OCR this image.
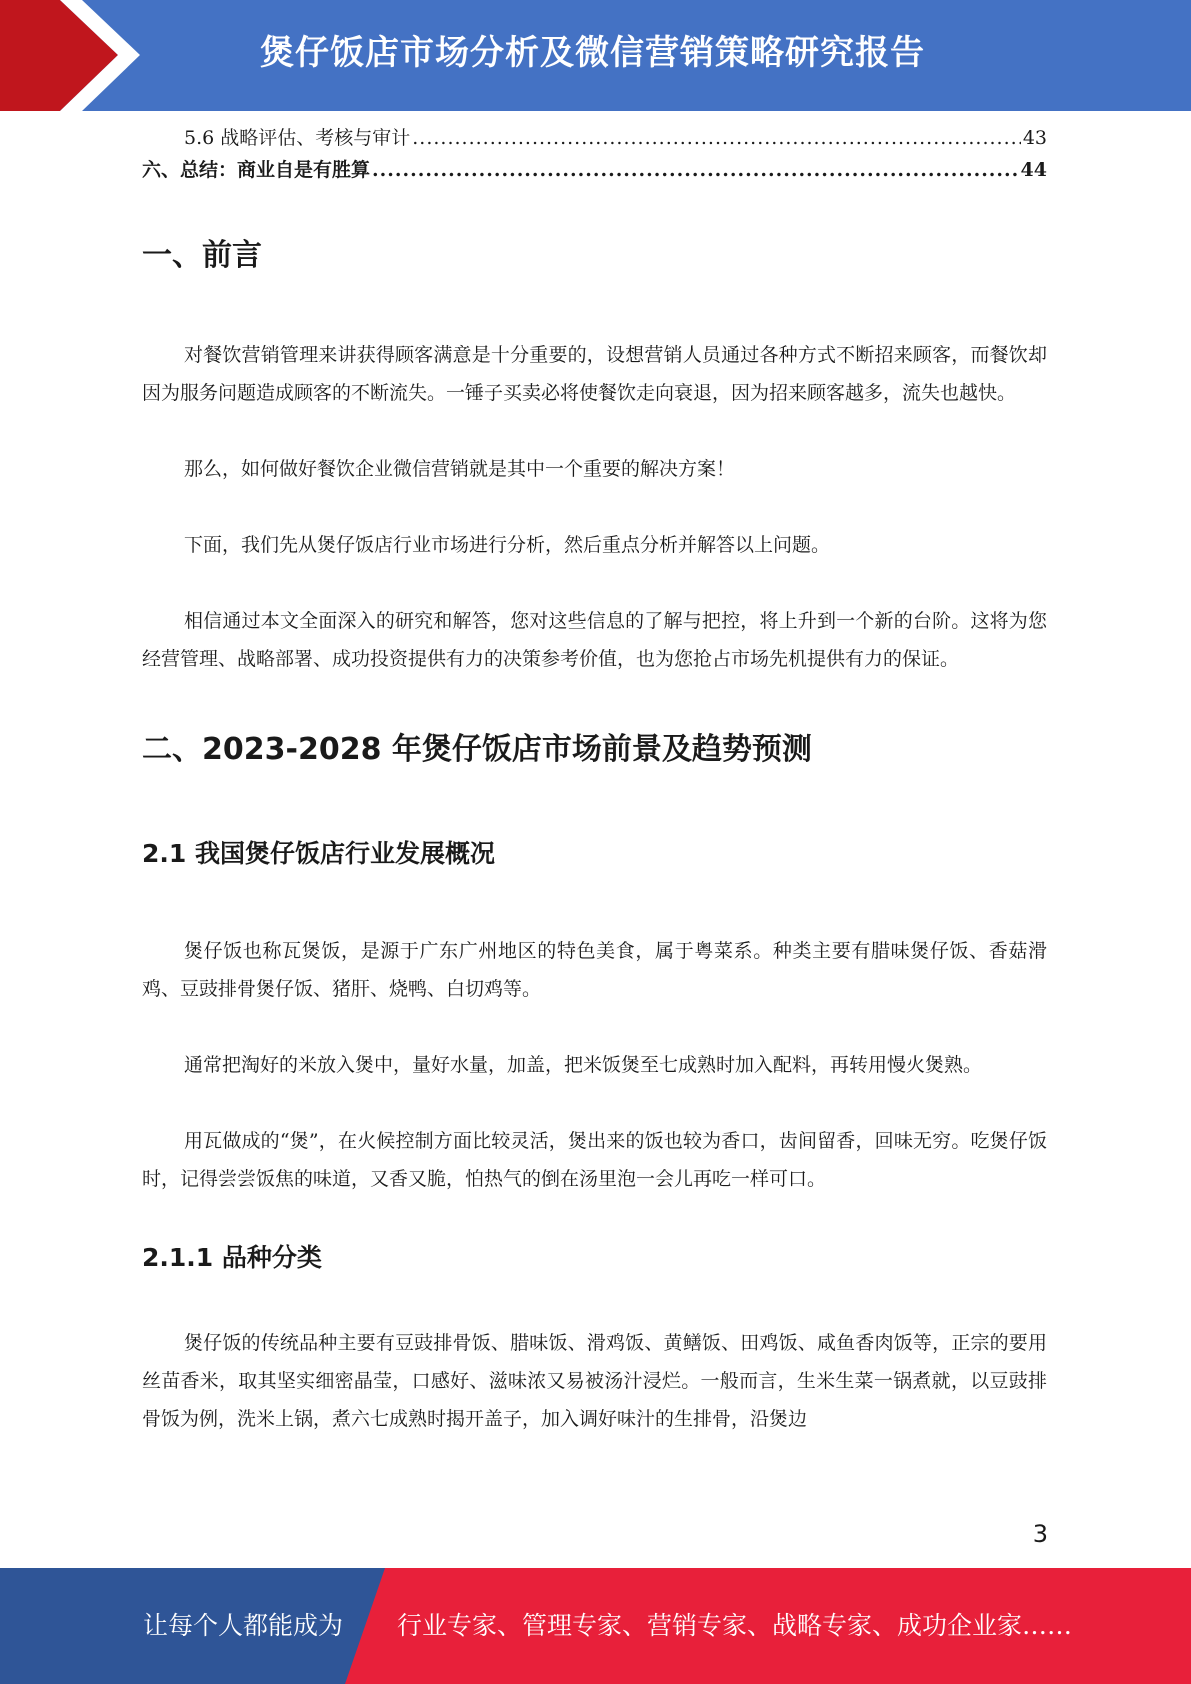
煲仔饭店市场分析及微信营销策略研究报告
5.6 战略评估、考核与审计 .....	43
六、总结：商业自是有胜算 .....	44
一、前言

对餐饮营销管理来讲获得顾客满意是十分重要的，设想营销人员通过各种方式不断招来顾客，而餐饮却因为服务问题造成顾客的不断流失。一锤子买卖必将使餐饮走向衰退，因为招来顾客越多，流失也越快。

那么，如何做好餐饮企业微信营销就是其中一个重要的解决方案！

下面，我们先从煲仔饭店行业市场进行分析，然后重点分析并解答以上问题。

相信通过本文全面深入的研究和解答，您对这些信息的了解与把控，将上升到一个新的台阶。这将为您经营管理、战略部署、成功投资提供有力的决策参考价值，也为您抢占市场先机提供有力的保证。

二、2023-2028 年煲仔饭店市场前景及趋势预测
2.1 我国煲仔饭店行业发展概况

煲仔饭也称瓦煲饭，是源于广东广州地区的特色美食，属于粤菜系。种类主要有腊味煲仔饭、香菇滑鸡、豆豉排骨煲仔饭、猪肝、烧鸭、白切鸡等。

通常把淘好的米放入煲中，量好水量，加盖，把米饭煲至七成熟时加入配料，再转用慢火煲熟。

用瓦做成的“煲”，在火候控制方面比较灵活，煲出来的饭也较为香口，齿间留香，回味无穷。吃煲仔饭时，记得尝尝饭焦的味道，又香又脆，怕热气的倒在汤里泡一会儿再吃一样可口。

2.1.1 品种分类

煲仔饭的传统品种主要有豆豉排骨饭、腊味饭、滑鸡饭、黄鳝饭、田鸡饭、咸鱼香肉饭等，正宗的要用丝苗香米，取其坚实细密晶莹，口感好、滋味浓又易被汤汁浸烂。一般而言，生米生菜一锅煮就，以豆豉排骨饭为例，洗米上锅，煮六七成熟时揭开盖子，加入调好味汁的生排骨，沿煲边

3
让每个人都能成为 行业专家、管理专家、营销专家、战略专家、成功企业家……
